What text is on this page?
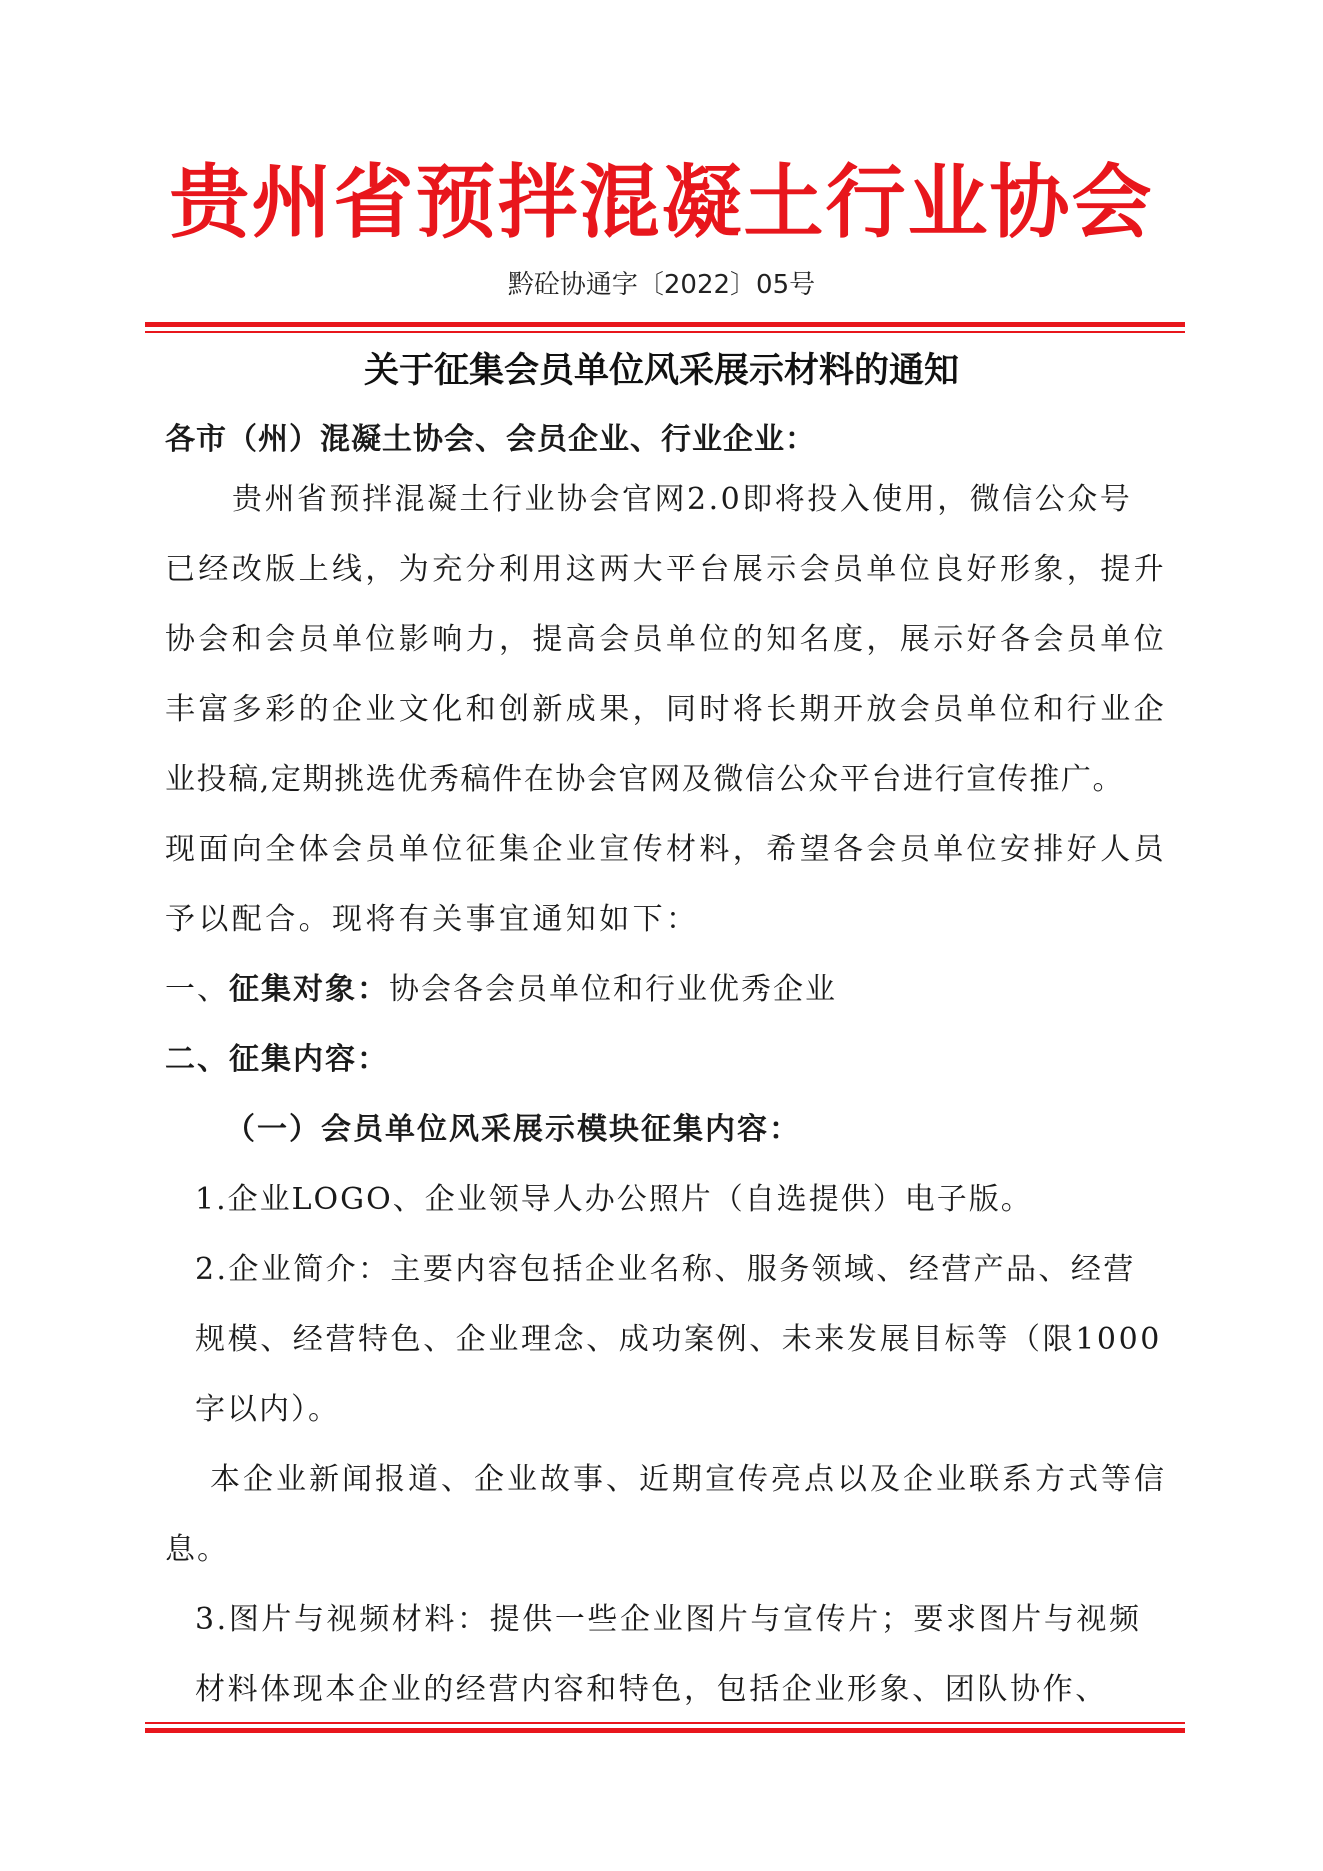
贵州省预拌混凝土行业协会
黔砼协通字〔2022〕05号
关于征集会员单位风采展示材料的通知
各市（州）混凝土协会、会员企业、行业企业：
贵州省预拌混凝土行业协会官网2.0即将投入使用，微信公众号
已经改版上线，为充分利用这两大平台展示会员单位良好形象，提升
协会和会员单位影响力，提高会员单位的知名度，展示好各会员单位
丰富多彩的企业文化和创新成果，同时将长期开放会员单位和行业企
业投稿,定期挑选优秀稿件在协会官网及微信公众平台进行宣传推广。
现面向全体会员单位征集企业宣传材料，希望各会员单位安排好人员
予以配合。现将有关事宜通知如下：
一、征集对象：协会各会员单位和行业优秀企业
二、征集内容：
（一）会员单位风采展示模块征集内容：
1.企业LOGO、企业领导人办公照片（自选提供）电子版。
2.企业简介：主要内容包括企业名称、服务领域、经营产品、经营
规模、经营特色、企业理念、成功案例、未来发展目标等（限1000
字以内）。
本企业新闻报道、企业故事、近期宣传亮点以及企业联系方式等信
息。
3.图片与视频材料：提供一些企业图片与宣传片；要求图片与视频
材料体现本企业的经营内容和特色，包括企业形象、团队协作、
